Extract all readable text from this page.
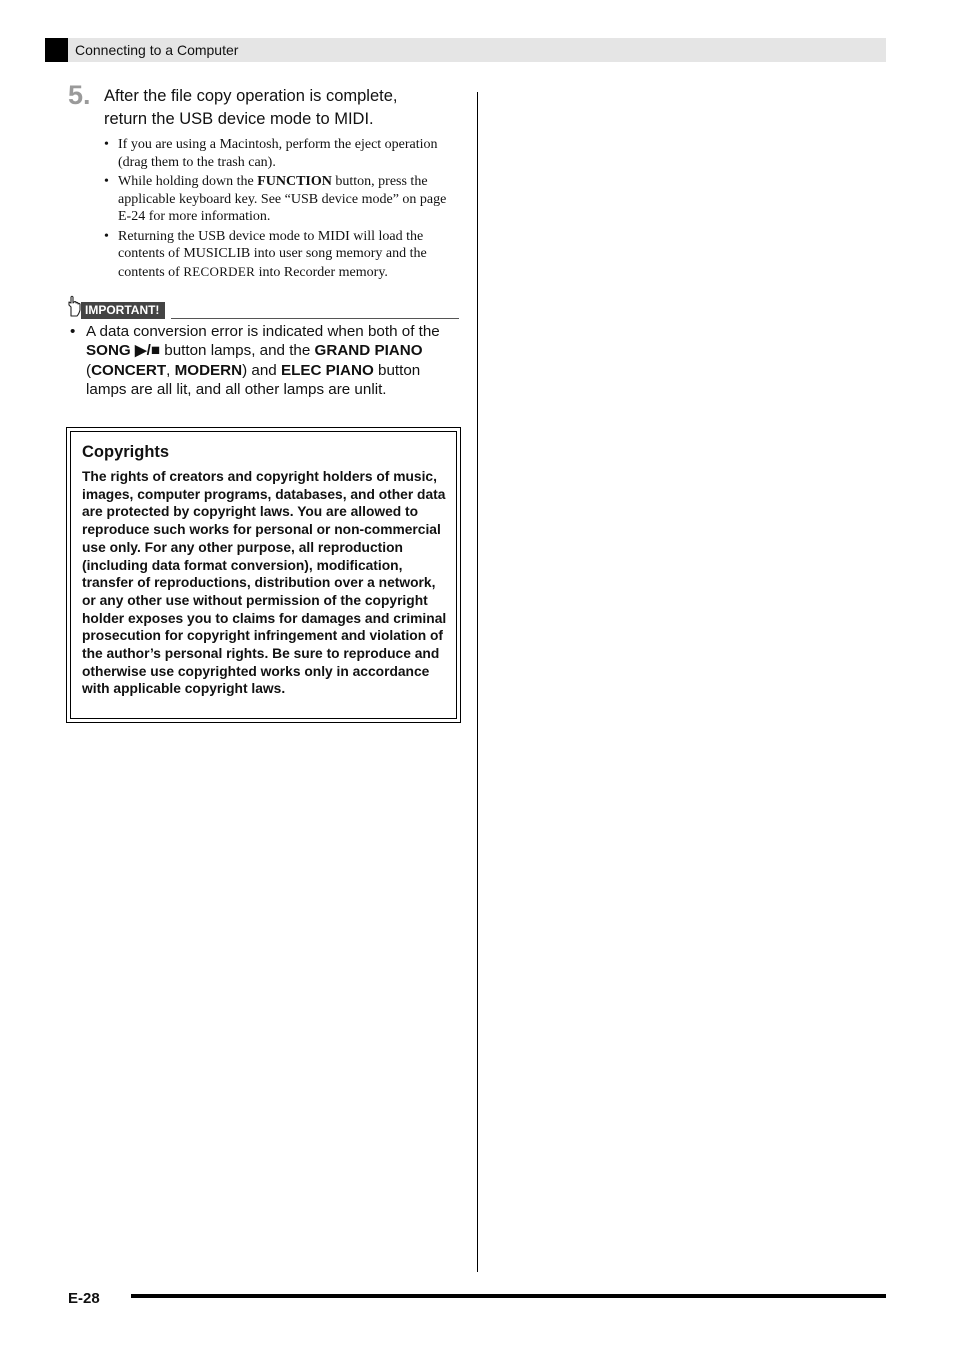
Connecting to a Computer
5. After the file copy operation is complete,
return the USB device mode to MIDI.
• If you are using a Macintosh, perform the eject operation (drag them to the trash can).
• While holding down the FUNCTION button, press the applicable keyboard key. See “USB device mode” on page E-24 for more information.
• Returning the USB device mode to MIDI will load the contents of MUSICLIB into user song memory and the contents of RECORDER into Recorder memory.
IMPORTANT!
• A data conversion error is indicated when both of the SONG ▶/■ button lamps, and the GRAND PIANO (CONCERT, MODERN) and ELEC PIANO button lamps are all lit, and all other lamps are unlit.
Copyrights
The rights of creators and copyright holders of music, images, computer programs, databases, and other data are protected by copyright laws. You are allowed to reproduce such works for personal or non-commercial use only. For any other purpose, all reproduction (including data format conversion), modification, transfer of reproductions, distribution over a network, or any other use without permission of the copyright holder exposes you to claims for damages and criminal prosecution for copyright infringement and violation of the author’s personal rights. Be sure to reproduce and otherwise use copyrighted works only in accordance with applicable copyright laws.
E-28
